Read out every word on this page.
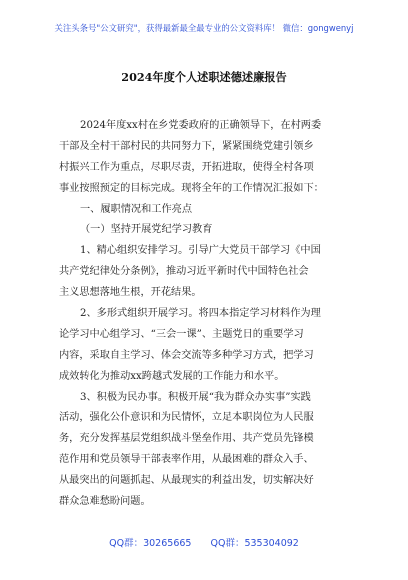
关注头条号"公文研究"，获得最新最全最专业的公文资料库！ 微信：gongwenyj
2024年度个人述职述德述廉报告
2024年度xx村在乡党委政府的正确领导下，在村两委
干部及全村干部村民的共同努力下，紧紧围绕党建引领乡
村振兴工作为重点，尽职尽责，开拓进取，使得全村各项
事业按照预定的目标完成。现将全年的工作情况汇报如下：
一、履职情况和工作亮点
（一）坚持开展党纪学习教育
1、精心组织安排学习。引导广大党员干部学习《中国
共产党纪律处分条例》，推动习近平新时代中国特色社会
主义思想落地生根，开花结果。
2、多形式组织开展学习。将四本指定学习材料作为理
论学习中心组学习、“三会一课”、主题党日的重要学习
内容，采取自主学习、体会交流等多种学习方式，把学习
成效转化为推动xx跨越式发展的工作能力和水平。
3、积极为民办事。积极开展“我为群众办实事”实践
活动，强化公仆意识和为民情怀，立足本职岗位为人民服
务，充分发挥基层党组织战斗堡垒作用、共产党员先锋模
范作用和党员领导干部表率作用，从最困难的群众入手、
从最突出的问题抓起、从最现实的利益出发，切实解决好
群众急难愁盼问题。
QQ群：30265665 QQ群：535304092
